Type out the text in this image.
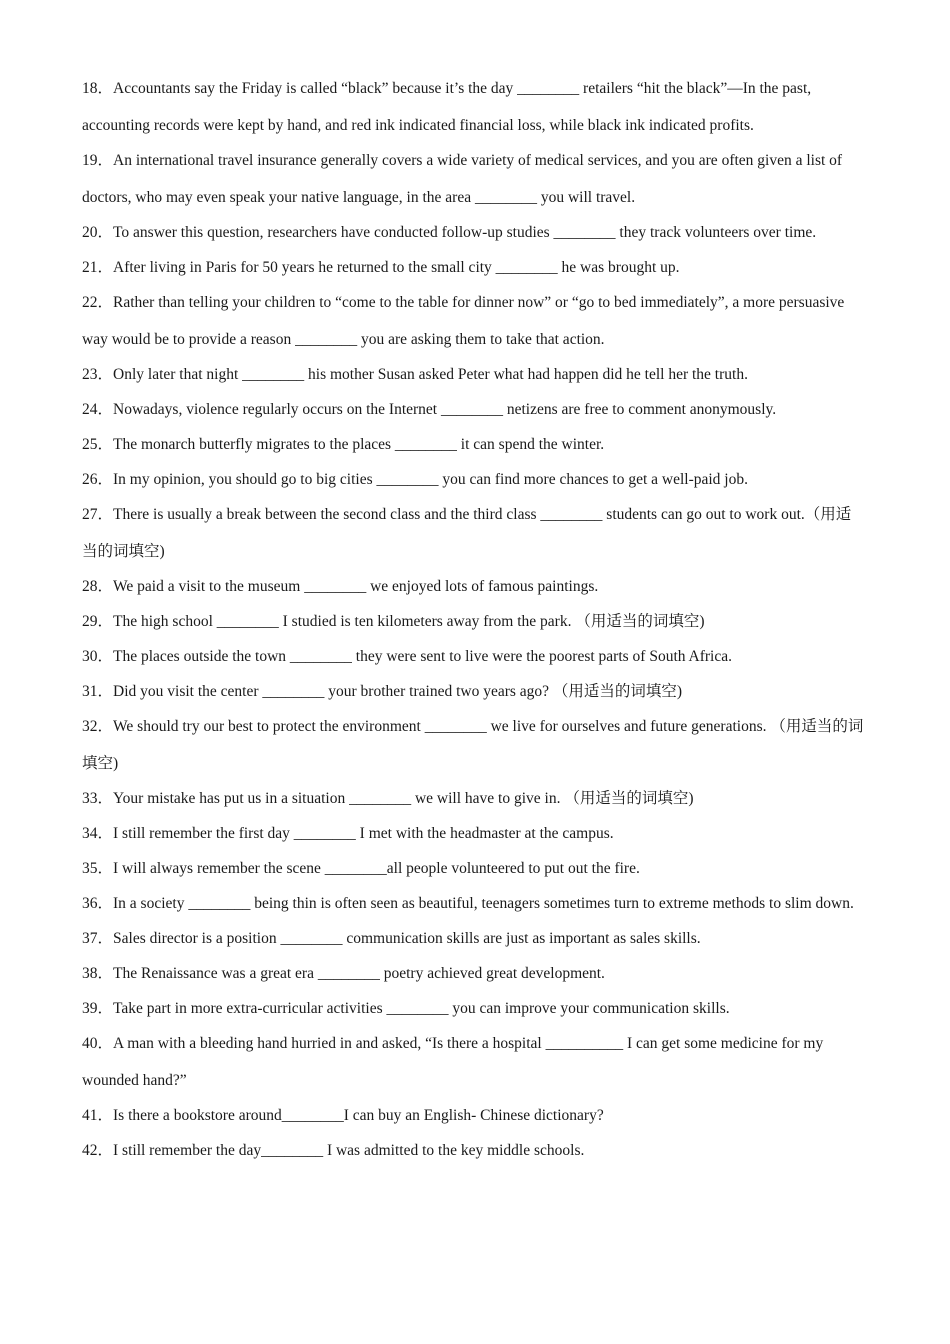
18．Accountants say the Friday is called “black” because it’s the day ________ retailers “hit the black”—In the past, accounting records were kept by hand, and red ink indicated financial loss, while black ink indicated profits.

19．An international travel insurance generally covers a wide variety of medical services, and you are often given a list of doctors, who may even speak your native language, in the area ________ you will travel.

20．To answer this question, researchers have conducted follow-up studies ________ they track volunteers over time.

21．After living in Paris for 50 years he returned to the small city ________ he was brought up.

22．Rather than telling your children to “come to the table for dinner now” or “go to bed immediately”, a more persuasive way would be to provide a reason ________ you are asking them to take that action.

23．Only later that night ________ his mother Susan asked Peter what had happen did he tell her the truth.

24．Nowadays, violence regularly occurs on the Internet ________ netizens are free to comment anonymously.

25．The monarch butterfly migrates to the places ________ it can spend the winter.

26．In my opinion, you should go to big cities ________ you can find more chances to get a well-paid job.

27．There is usually a break between the second class and the third class ________ students can go out to work out.（用适当的词填空)

28．We paid a visit to the museum ________ we enjoyed lots of famous paintings.

29．The high school ________ I studied is ten kilometers away from the park. （用适当的词填空)

30．The places outside the town ________ they were sent to live were the poorest parts of South Africa.

31．Did you visit the center ________ your brother trained two years ago? （用适当的词填空)

32．We should try our best to protect the environment ________ we live for ourselves and future generations. （用适当的词填空)

33．Your mistake has put us in a situation ________ we will have to give in. （用适当的词填空)

34．I still remember the first day ________ I met with the headmaster at the campus.

35．I will always remember the scene ________all people volunteered to put out the fire.

36．In a society ________ being thin is often seen as beautiful, teenagers sometimes turn to extreme methods to slim down.

37．Sales director is a position ________ communication skills are just as important as sales skills.

38．The Renaissance was a great era ________ poetry achieved great development.

39．Take part in more extra-curricular activities ________ you can improve your communication skills.

40．A man with a bleeding hand hurried in and asked, “Is there a hospital __________ I can get some medicine for my wounded hand?”

41．Is there a bookstore around________I can buy an English- Chinese dictionary?

42．I still remember the day________ I was admitted to the key middle schools.
